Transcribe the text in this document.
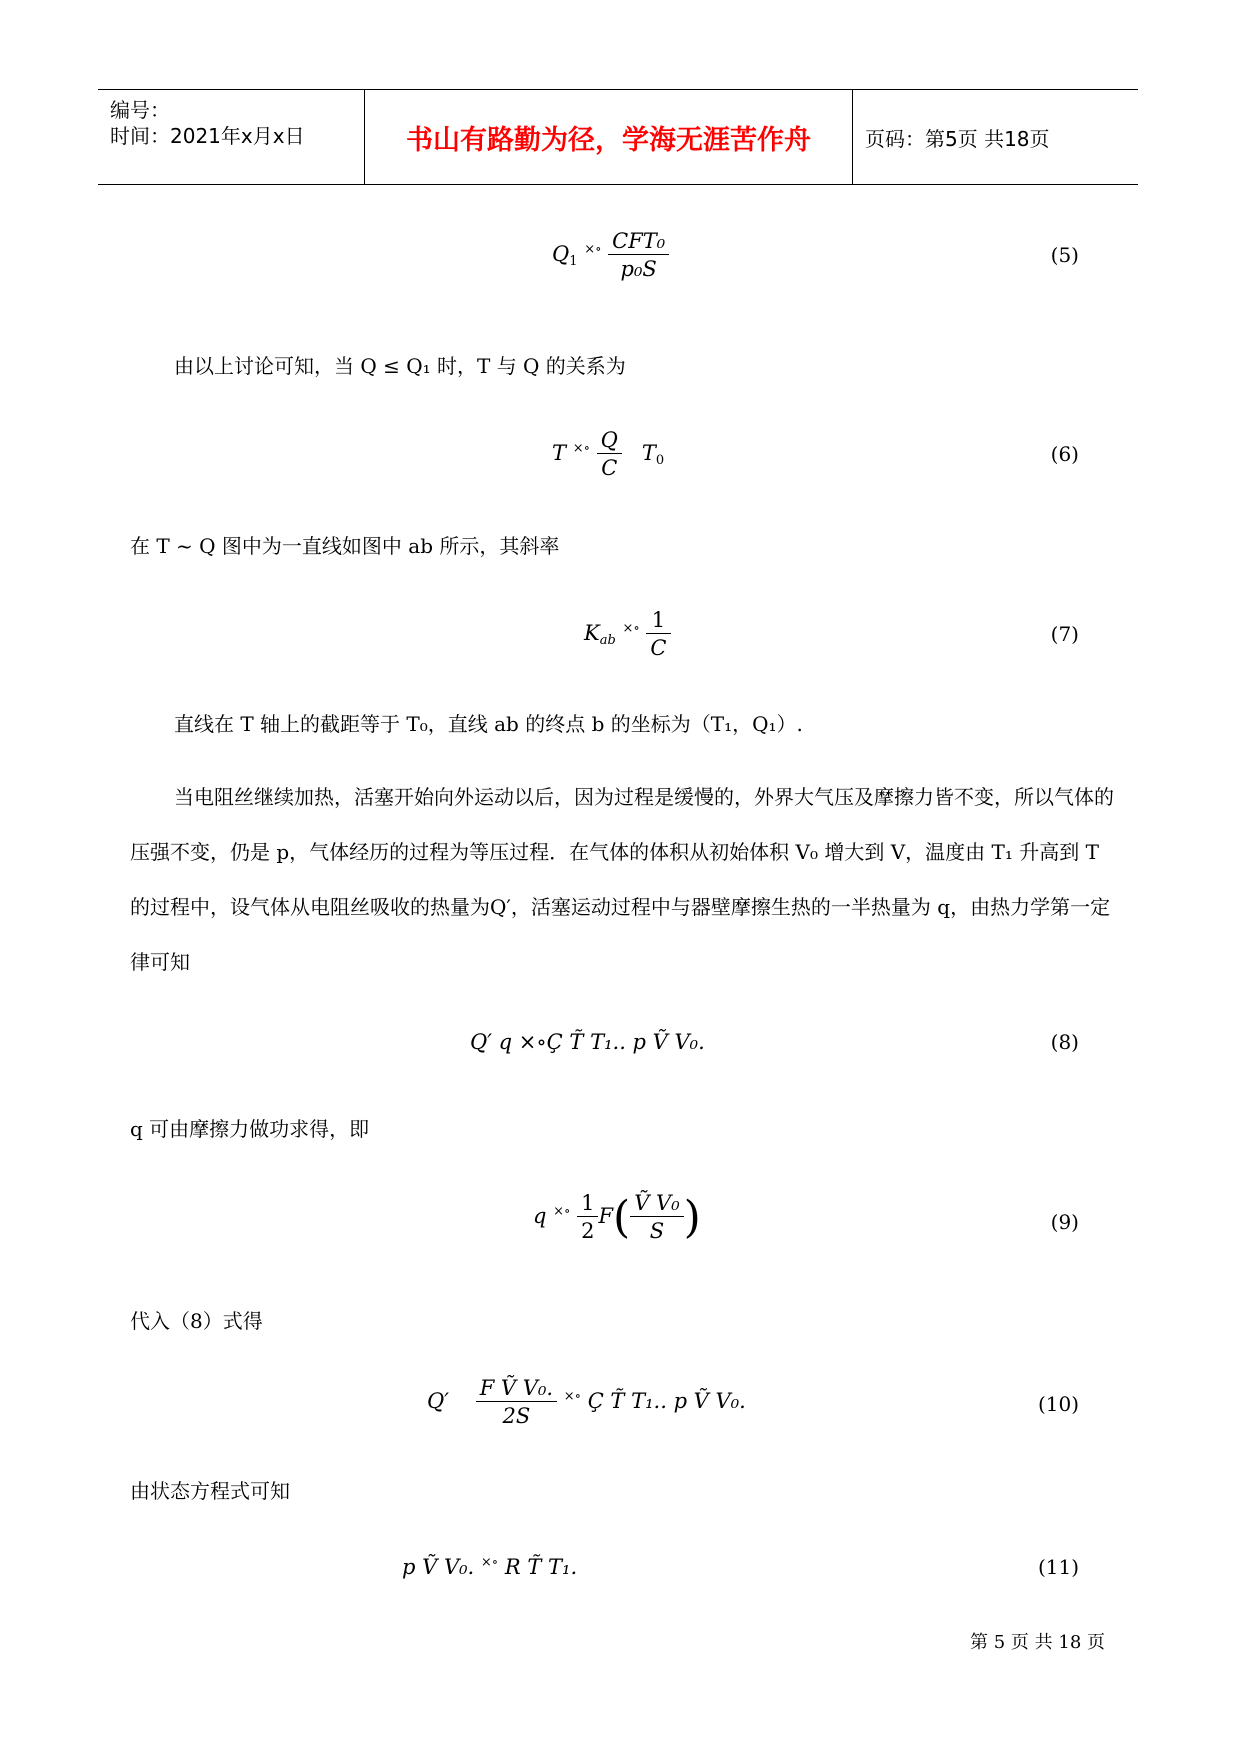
编号：
时间：2021年x月x日	书山有路勤为径，学海无涯苦作舟	页码：第5页 共18页
$Q_1$ $^{\times\circ} \frac{\text{CFT₀}}{\text{p₀S}}$	(5)
由以上讨论可知，当 Q ≤ Q₁ 时，T 与 Q 的关系为
T $^{\times\circ} \frac{Q}{C} T_0$	(6)
在 T ~ Q 图中为一直线如图中 ab 所示，其斜率
$K_{ab}$ $^{\times\circ} \frac{1}{C}$	(7)
直线在 T 轴上的截距等于 T₀，直线 ab 的终点 b 的坐标为（T₁，Q₁）.
当电阻丝继续加热，活塞开始向外运动以后，因为过程是缓慢的，外界大气压及摩擦力皆不变，所以气体的压强不变，仍是 p，气体经历的过程为等压过程．在气体的体积从初始体积 V₀ 增大到 V，温度由 T₁ 升高到 T 的过程中，设气体从电阻丝吸收的热量为Q′，活塞运动过程中与器壁摩擦生热的一半热量为 q，由热力学第一定律可知
Q′ q ×∘Ç T̃ T₁.. p Ṽ V₀.	(8)
q 可由摩擦力做功求得，即
q $^{\times\circ} \frac{1}{2} F( \frac{\text{Ṽ V₀}}{S}$ )	(9)
代入（8）式得
$Q' \frac{\text{F Ṽ V₀.}}{2S} ^{\times\circ}$ Ç T̃ T₁.. p Ṽ V₀.	(10)
由状态方程式可知
p Ṽ V₀. ×∘ R T̃ T₁.	(11)
第 5 页 共 18 页
